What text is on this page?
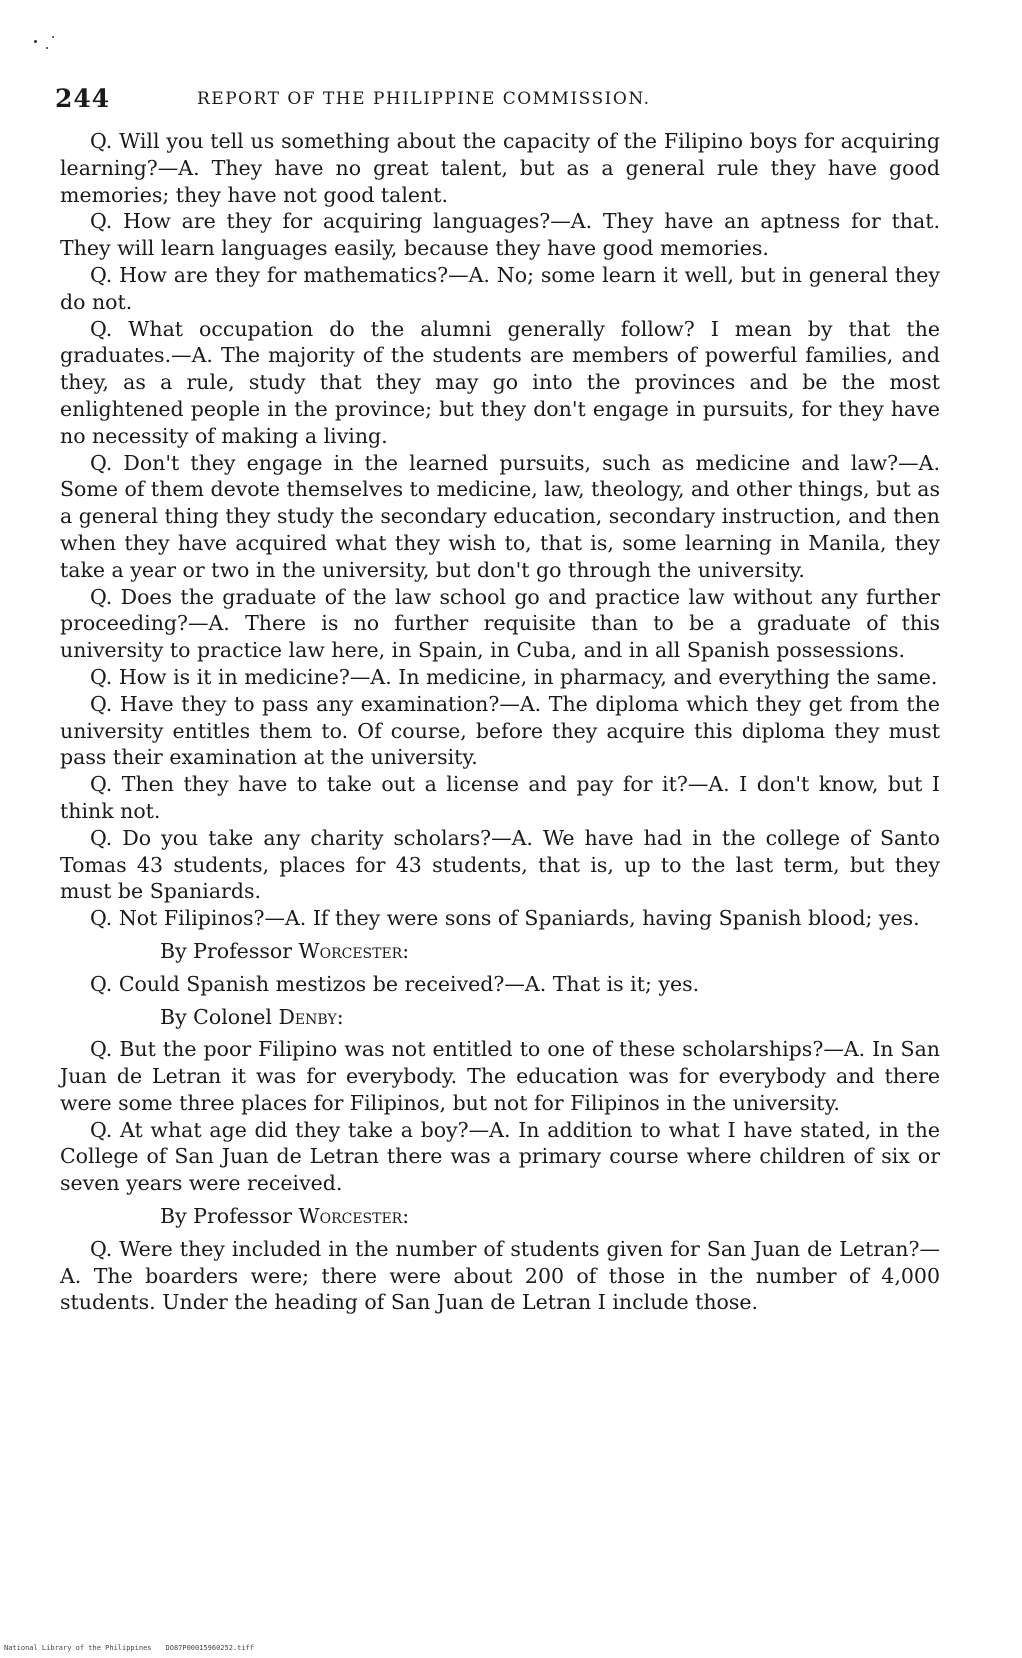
244	REPORT OF THE PHILIPPINE COMMISSION.

Q. Will you tell us something about the capacity of the Filipino boys for acquiring learning?—A. They have no great talent, but as a general rule they have good memories; they have not good talent.

Q. How are they for acquiring languages?—A. They have an aptness for that. They will learn languages easily, because they have good memories.

Q. How are they for mathematics?—A. No; some learn it well, but in general they do not.

Q. What occupation do the alumni generally follow? I mean by that the graduates.—A. The majority of the students are members of powerful families, and they, as a rule, study that they may go into the provinces and be the most enlightened people in the province; but they don't engage in pursuits, for they have no necessity of making a living.

Q. Don't they engage in the learned pursuits, such as medicine and law?—A. Some of them devote themselves to medicine, law, theology, and other things, but as a general thing they study the secondary education, secondary instruction, and then when they have acquired what they wish to, that is, some learning in Manila, they take a year or two in the university, but don't go through the university.

Q. Does the graduate of the law school go and practice law without any further proceeding?—A. There is no further requisite than to be a graduate of this university to practice law here, in Spain, in Cuba, and in all Spanish possessions.

Q. How is it in medicine?—A. In medicine, in pharmacy, and everything the same.

Q. Have they to pass any examination?—A. The diploma which they get from the university entitles them to. Of course, before they acquire this diploma they must pass their examination at the university.

Q. Then they have to take out a license and pay for it?—A. I don't know, but I think not.

Q. Do you take any charity scholars?—A. We have had in the college of Santo Tomas 43 students, places for 43 students, that is, up to the last term, but they must be Spaniards.

Q. Not Filipinos?—A. If they were sons of Spaniards, having Spanish blood; yes.

By Professor Worcester:

Q. Could Spanish mestizos be received?—A. That is it; yes.

By Colonel Denby:

Q. But the poor Filipino was not entitled to one of these scholarships?—A. In San Juan de Letran it was for everybody. The education was for everybody and there were some three places for Filipinos, but not for Filipinos in the university.

Q. At what age did they take a boy?—A. In addition to what I have stated, in the College of San Juan de Letran there was a primary course where children of six or seven years were received.

By Professor Worcester:

Q. Were they included in the number of students given for San Juan de Letran?—A. The boarders were; there were about 200 of those in the number of 4,000 students. Under the heading of San Juan de Letran I include those.

National Library of the Philippines DO87P00015960252.tiff
